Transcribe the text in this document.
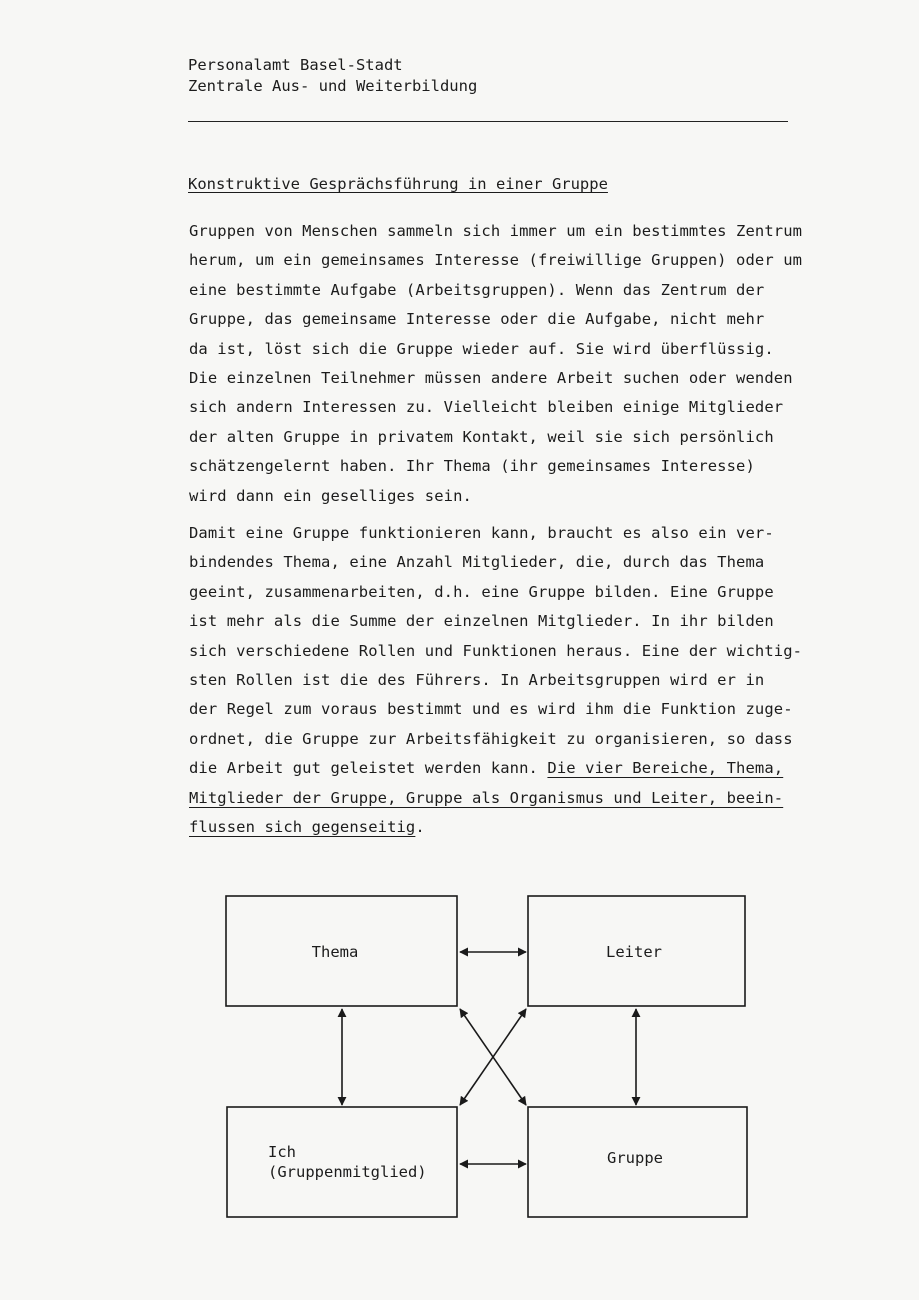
Personalamt Basel-Stadt
Zentrale Aus- und Weiterbildung
Konstruktive Gesprächsführung in einer Gruppe
Gruppen von Menschen sammeln sich immer um ein bestimmtes Zentrum
herum, um ein gemeinsames Interesse (freiwillige Gruppen) oder um
eine bestimmte Aufgabe (Arbeitsgruppen). Wenn das Zentrum der
Gruppe, das gemeinsame Interesse oder die Aufgabe, nicht mehr
da ist, löst sich die Gruppe wieder auf. Sie wird überflüssig.
Die einzelnen Teilnehmer müssen andere Arbeit suchen oder wenden
sich andern Interessen zu. Vielleicht bleiben einige Mitglieder
der alten Gruppe in privatem Kontakt, weil sie sich persönlich
schätzengelernt haben. Ihr Thema (ihr gemeinsames Interesse)
wird dann ein geselliges sein.
Damit eine Gruppe funktionieren kann, braucht es also ein ver-
bindendes Thema, eine Anzahl Mitglieder, die, durch das Thema
geeint, zusammenarbeiten, d.h. eine Gruppe bilden. Eine Gruppe
ist mehr als die Summe der einzelnen Mitglieder. In ihr bilden
sich verschiedene Rollen und Funktionen heraus. Eine der wichtig-
sten Rollen ist die des Führers. In Arbeitsgruppen wird er in
der Regel zum voraus bestimmt und es wird ihm die Funktion zuge-
ordnet, die Gruppe zur Arbeitsfähigkeit zu organisieren, so dass
die Arbeit gut geleistet werden kann. Die vier Bereiche, Thema,
Mitglieder der Gruppe, Gruppe als Organismus und Leiter, beein-
flussen sich gegenseitig.
Thema	Leiter
Ich
(Gruppenmitglied)
Gruppe
